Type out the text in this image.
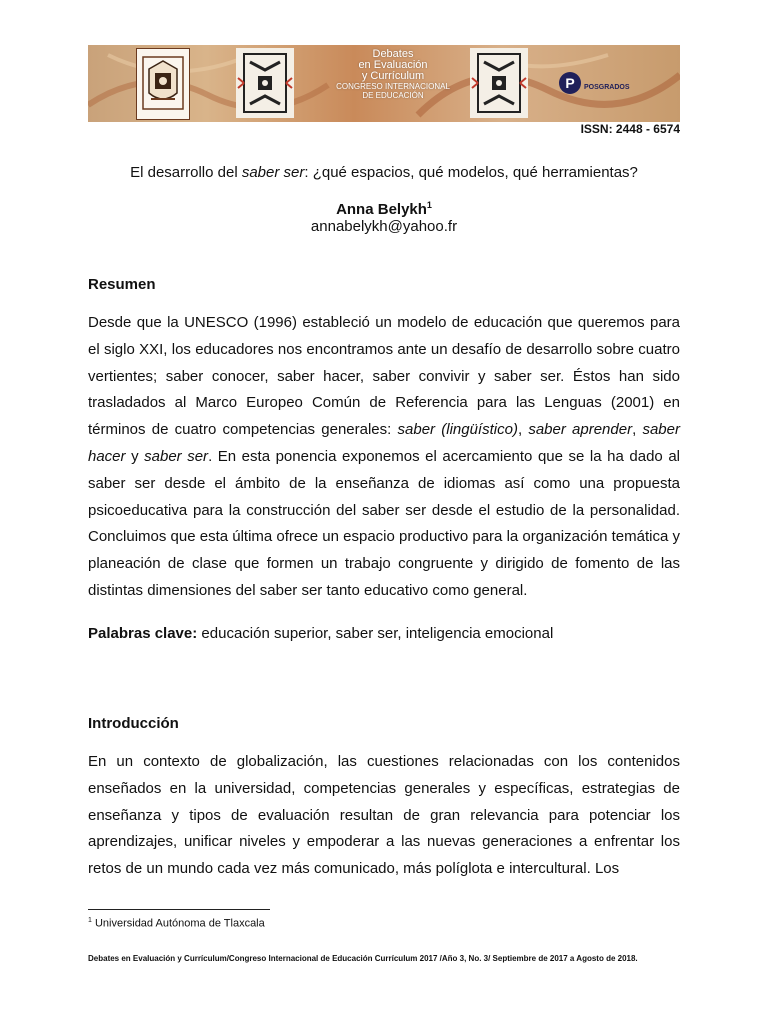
Debates
en Evaluación
y Currículum
CONGRESO INTERNACIONAL
DE EDUCACIÓN
P POSGRADOS
ISSN: 2448 - 6574
El desarrollo del saber ser: ¿qué espacios, qué modelos, qué herramientas?
Anna Belykh$^1$
annabelykh@yahoo.fr
Resumen
Desde que la UNESCO (1996) estableció un modelo de educación que queremos para el siglo XXI, los educadores nos encontramos ante un desafío de desarrollo sobre cuatro vertientes; saber conocer, saber hacer, saber convivir y saber ser. Éstos han sido trasladados al Marco Europeo Común de Referencia para las Lenguas (2001) en términos de cuatro competencias generales: saber (lingüístico), saber aprender, saber hacer y saber ser. En esta ponencia exponemos el acercamiento que se la ha dado al saber ser desde el ámbito de la enseñanza de idiomas así como una propuesta psicoeducativa para la construcción del saber ser desde el estudio de la personalidad. Concluimos que esta última ofrece un espacio productivo para la organización temática y planeación de clase que formen un trabajo congruente y dirigido de fomento de las distintas dimensiones del saber ser tanto educativo como general.
Palabras clave: educación superior, saber ser, inteligencia emocional
Introducción
En un contexto de globalización, las cuestiones relacionadas con los contenidos enseñados en la universidad, competencias generales y específicas, estrategias de enseñanza y tipos de evaluación resultan de gran relevancia para potenciar los aprendizajes, unificar niveles y empoderar a las nuevas generaciones a enfrentar los retos de un mundo cada vez más comunicado, más políglota e intercultural. Los
$^1$ Universidad Autónoma de Tlaxcala
Debates en Evaluación y Currículum/Congreso Internacional de Educación Currículum 2017 /Año 3, No. 3/ Septiembre de 2017 a Agosto de 2018.
